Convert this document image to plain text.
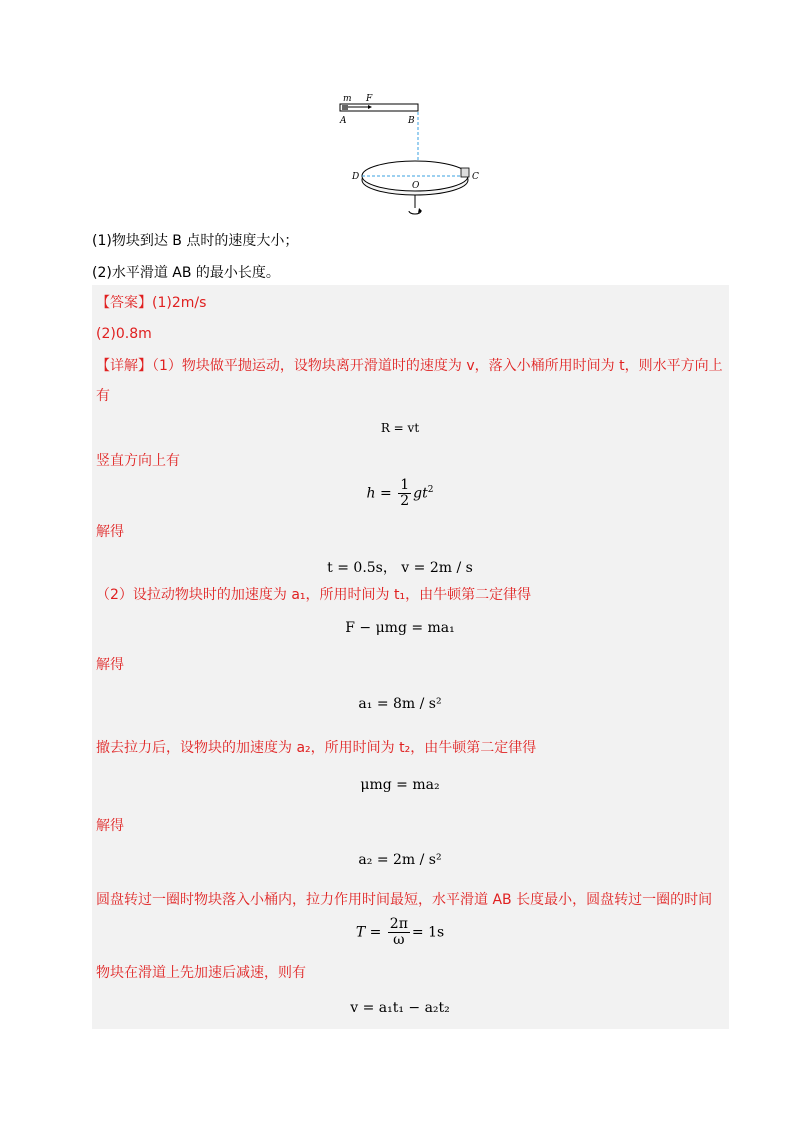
m F
A	B
D
O
C
(1)物块到达 B 点时的速度大小；
(2)水平滑道 AB 的最小长度。
【答案】(1)2m/s
(2)0.8m
【详解】（1）物块做平抛运动，设物块离开滑道时的速度为 v，落入小桶所用时间为 t，则水平方向上
有
R = vt
竖直方向上有
$h = \frac{1}{2} gt^2$
解得
t = 0.5s， v = 2m / s
（2）设拉动物块时的加速度为 a₁，所用时间为 t₁，由牛顿第二定律得
F − μmg = ma₁
解得
a₁ = 8m / s²
撤去拉力后，设物块的加速度为 a₂，所用时间为 t₂，由牛顿第二定律得
μmg = ma₂
解得
a₂ = 2m / s²
圆盘转过一圈时物块落入小桶内，拉力作用时间最短，水平滑道 AB 长度最小，圆盘转过一圈的时间
$T = \frac{2\pi}{\omega} = 1s$
物块在滑道上先加速后减速，则有
v = a₁t₁ − a₂t₂
